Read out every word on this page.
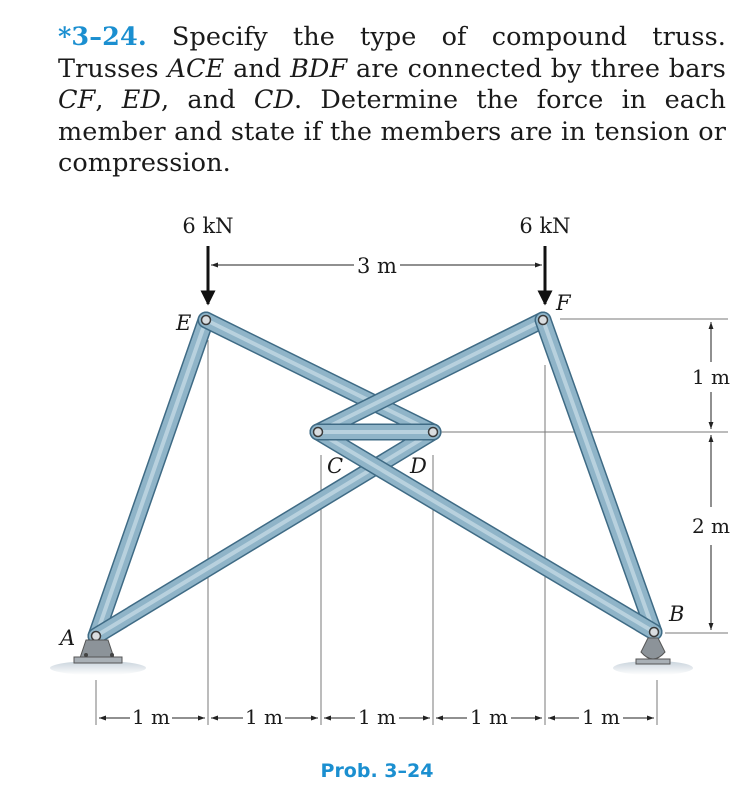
*3–24. Specify the type of compound truss. Trusses ACE and BDF are connected by three bars CF, ED, and CD. Determine the force in each member and state if the members are in tension or compression.
6 kN	6 kN
3 m
E
F
C	D
A
B
1 m
2 m
1 m	1 m	1 m	1 m	1 m
Prob. 3–24
